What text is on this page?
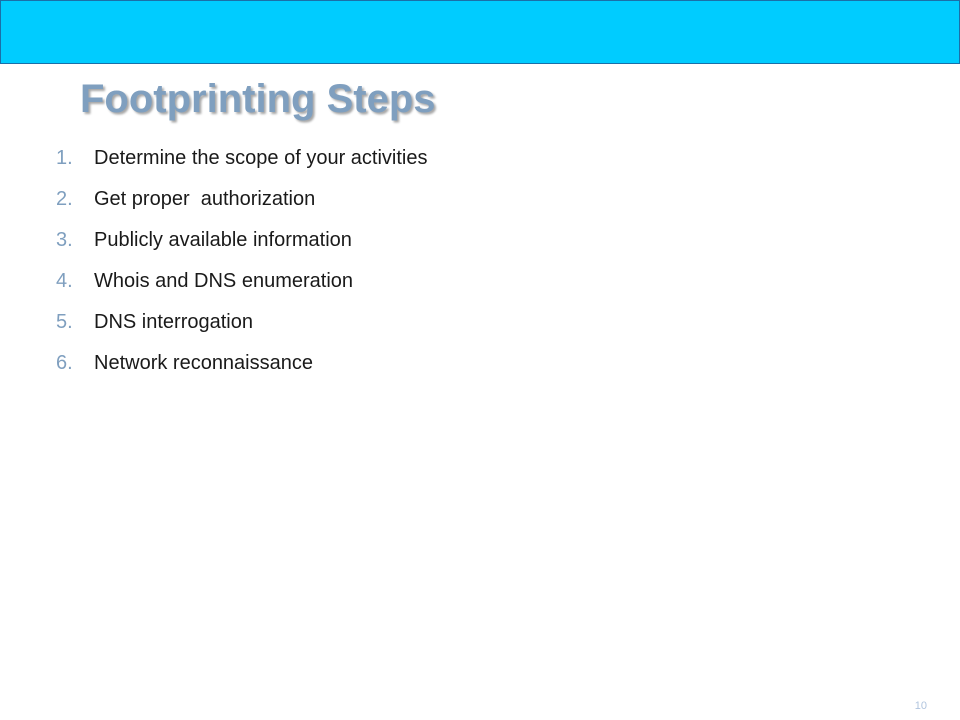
Footprinting Steps
1.	Determine the scope of your activities
2.	Get proper  authorization
3.	Publicly available information
4.	Whois and DNS enumeration
5.	DNS interrogation
6.	Network reconnaissance
10
